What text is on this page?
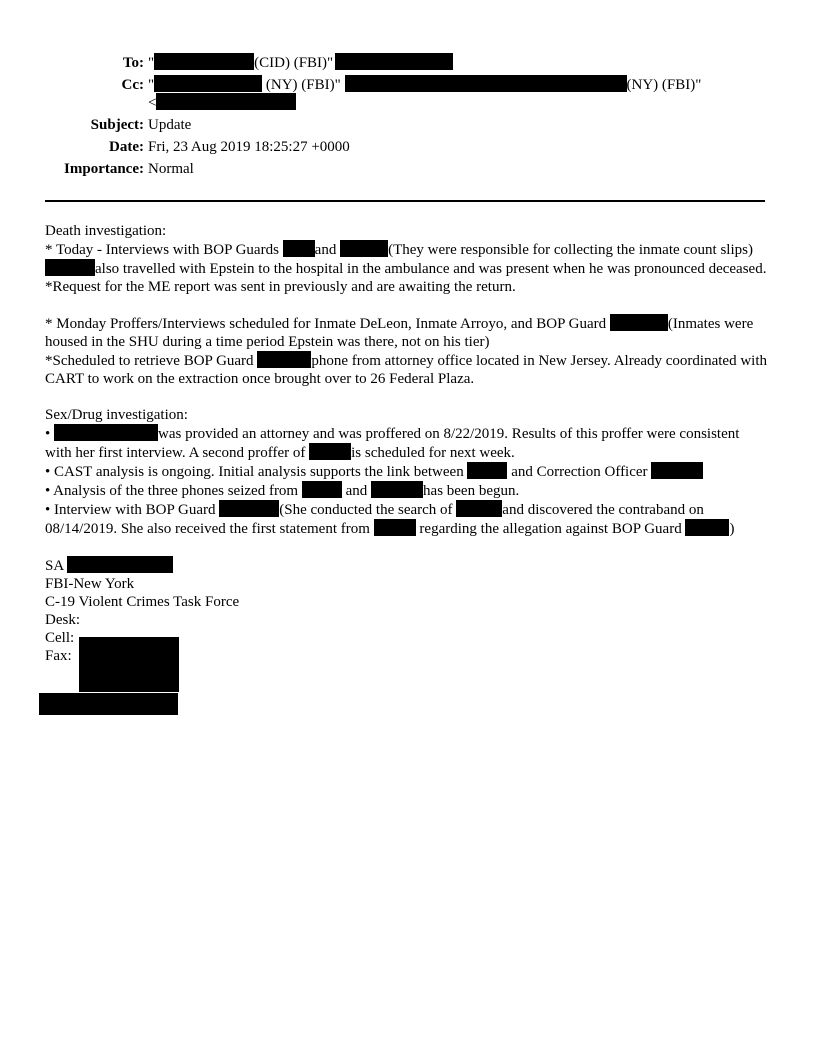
To: "	(CID) (FBI)"
Cc: "	(NY) (FBI)"	(NY) (FBI)"
<
Subject: Update
Date: Fri, 23 Aug 2019 18:25:27 +0000
Importance: Normal

Death investigation:

* Today - Interviews with BOP Guards and	(They were responsible for collecting the inmate count slips) also travelled with Epstein to the hospital in the ambulance and was present when he was pronounced deceased.

*Request for the ME report was sent in previously and are awaiting the return.

* Monday Proffers/Interviews scheduled for Inmate DeLeon, Inmate Arroyo, and BOP Guard	(Inmates were housed in the SHU during a time period Epstein was there, not on his tier)

*Scheduled to retrieve BOP Guard	phone from attorney office located in New Jersey. Already coordinated with CART to work on the extraction once brought over to 26 Federal Plaza.

Sex/Drug investigation:

•	was provided an attorney and was proffered on 8/22/2019. Results of this proffer were consistent with her first interview. A second proffer of	is scheduled for next week.

• CAST analysis is ongoing. Initial analysis supports the link between	and Correction Officer

• Analysis of the three phones seized from	and	has been begun.

• Interview with BOP Guard	(She conducted the search of	and discovered the contraband on 08/14/2019. She also received the first statement from	regarding the allegation against BOP Guard	)

SA

FBI-New York

C-19 Violent Crimes Task Force

Desk:

Cell:

Fax:
